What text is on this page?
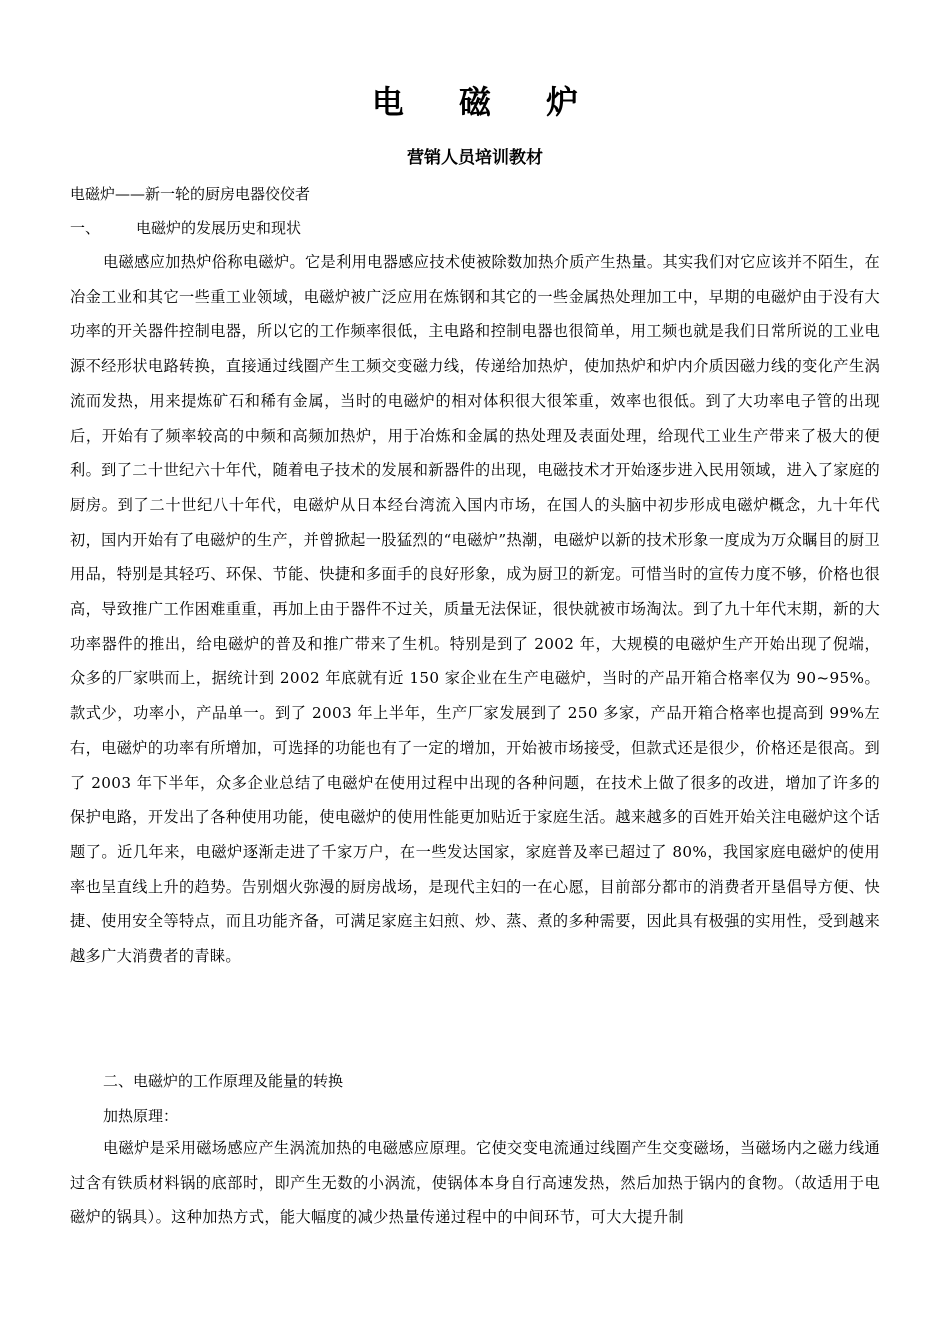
电 磁 炉
营销人员培训教材
电磁炉——新一轮的厨房电器佼佼者
一、 电磁炉的发展历史和现状
电磁感应加热炉俗称电磁炉。它是利用电器感应技术使被除数加热介质产生热量。其实我们对它应该并不陌生，在冶金工业和其它一些重工业领域，电磁炉被广泛应用在炼钢和其它的一些金属热处理加工中，早期的电磁炉由于没有大功率的开关器件控制电器，所以它的工作频率很低，主电路和控制电器也很简单，用工频也就是我们日常所说的工业电源不经形状电路转换，直接通过线圈产生工频交变磁力线，传递给加热炉，使加热炉和炉内介质因磁力线的变化产生涡流而发热，用来提炼矿石和稀有金属，当时的电磁炉的相对体积很大很笨重，效率也很低。到了大功率电子管的出现后，开始有了频率较高的中频和高频加热炉，用于冶炼和金属的热处理及表面处理，给现代工业生产带来了极大的便利。到了二十世纪六十年代，随着电子技术的发展和新器件的出现，电磁技术才开始逐步进入民用领域，进入了家庭的厨房。到了二十世纪八十年代，电磁炉从日本经台湾流入国内市场，在国人的头脑中初步形成电磁炉概念，九十年代初，国内开始有了电磁炉的生产，并曾掀起一股猛烈的“电磁炉”热潮，电磁炉以新的技术形象一度成为万众瞩目的厨卫用品，特别是其轻巧、环保、节能、快捷和多面手的良好形象，成为厨卫的新宠。可惜当时的宣传力度不够，价格也很高，导致推广工作困难重重，再加上由于器件不过关，质量无法保证，很快就被市场淘汰。到了九十年代末期，新的大功率器件的推出，给电磁炉的普及和推广带来了生机。特别是到了 2002 年，大规模的电磁炉生产开始出现了倪端，众多的厂家哄而上，据统计到 2002 年底就有近 150 家企业在生产电磁炉，当时的产品开箱合格率仅为 90~95%。款式少，功率小，产品单一。到了 2003 年上半年，生产厂家发展到了 250 多家，产品开箱合格率也提高到 99%左右，电磁炉的功率有所增加，可选择的功能也有了一定的增加，开始被市场接受，但款式还是很少，价格还是很高。到了 2003 年下半年，众多企业总结了电磁炉在使用过程中出现的各种问题，在技术上做了很多的改进，增加了许多的保护电路，开发出了各种使用功能，使电磁炉的使用性能更加贴近于家庭生活。越来越多的百姓开始关注电磁炉这个话题了。近几年来，电磁炉逐渐走进了千家万户，在一些发达国家，家庭普及率已超过了 80%，我国家庭电磁炉的使用率也呈直线上升的趋势。告别烟火弥漫的厨房战场，是现代主妇的一在心愿，目前部分都市的消费者开垦倡导方便、快捷、使用安全等特点，而且功能齐备，可满足家庭主妇煎、炒、蒸、煮的多种需要，因此具有极强的实用性，受到越来越多广大消费者的青睐。
二、电磁炉的工作原理及能量的转换
加热原理：
电磁炉是采用磁场感应产生涡流加热的电磁感应原理。它使交变电流通过线圈产生交变磁场，当磁场内之磁力线通过含有铁质材料锅的底部时，即产生无数的小涡流，使锅体本身自行高速发热，然后加热于锅内的食物。（故适用于电磁炉的锅具）。这种加热方式，能大幅度的减少热量传递过程中的中间环节，可大大提升制
